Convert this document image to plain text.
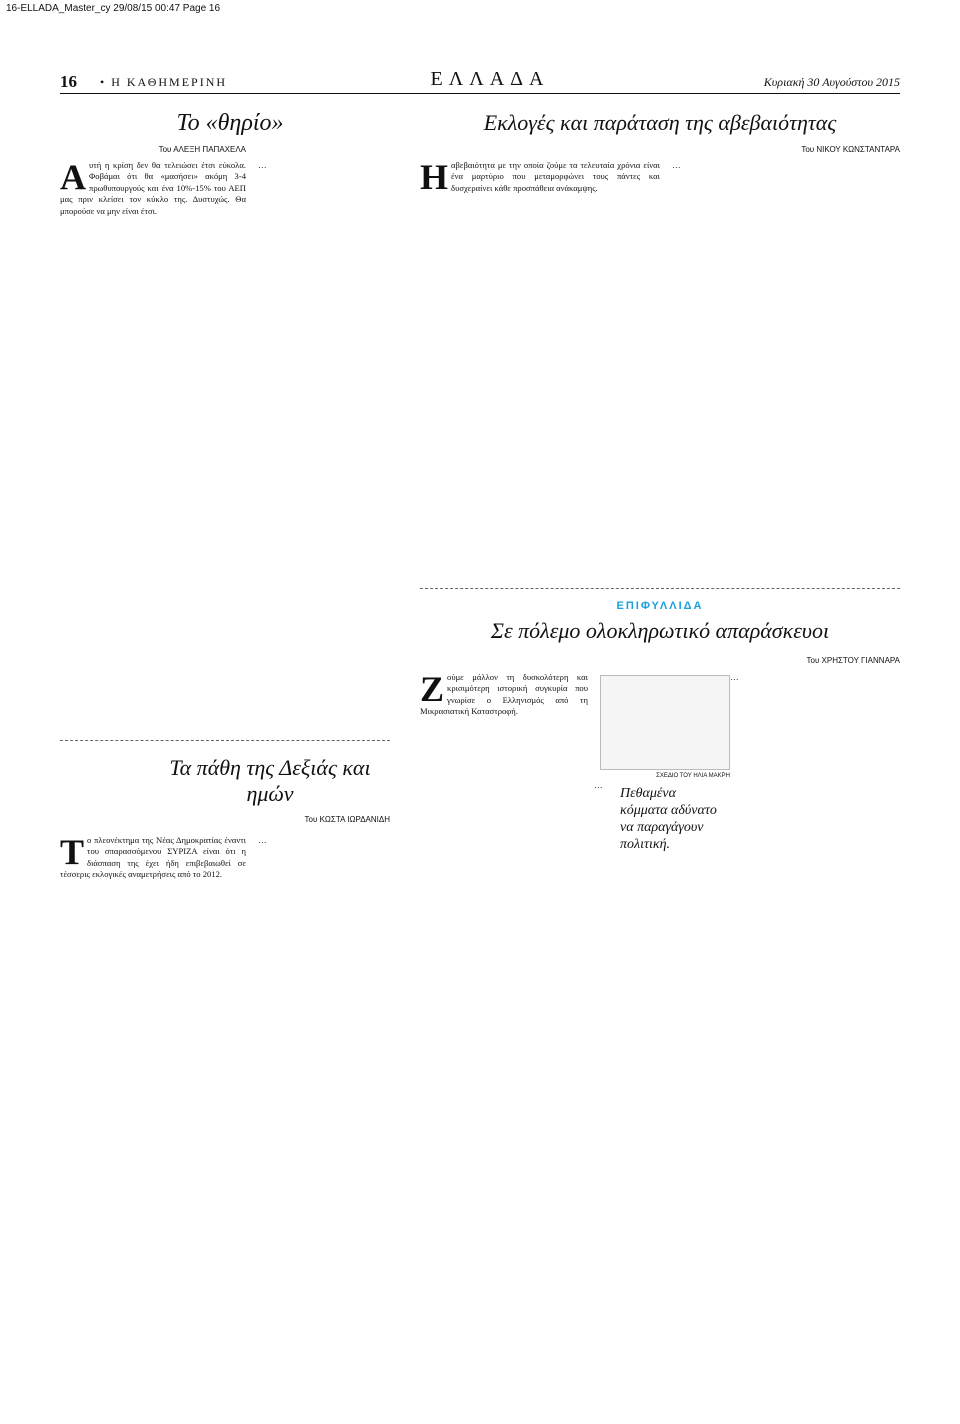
16-ELLADA_Master_cy 29/08/15 00:47 Page 16
16 • Η ΚΑΘΗΜΕΡΙΝΗ	ΕΛΛΑΔΑ	Κυριακή 30 Αυγούστου 2015
Το «θηρίο»
Του ΑΛΕΞΗ ΠΑΠΑΧΕΛΑ
Αυτή η κρίση δεν θα τελειώσει έτσι εύκολα. Φοβάμαι ότι θα «μασήσει» ακόμη 3-4 πρωθυπουργούς και ένα 10%-15% του ΑΕΠ μας πριν κλείσει τον κύκλο της. Δυστυχώς. Θα μπορούσε να μην είναι έτσι.
…
Τα πάθη της Δεξιάς και ημών
Του ΚΩΣΤΑ ΙΩΡΔΑΝΙΔΗ
Το πλεονέκτημα της Νέας Δημοκρατίας έναντι του σπαρασσόμενου ΣΥΡΙΖΑ είναι ότι η διάσπαση της έχει ήδη επιβεβαιωθεί σε τέσσερις εκλογικές αναμετρήσεις από το 2012.
…
Εκλογές και παράταση της αβεβαιότητας
Του ΝΙΚΟΥ ΚΩΝΣΤΑΝΤΑΡΑ
Ηαβεβαιότητα με την οποία ζούμε τα τελευταία χρόνια είναι ένα μαρτύριο που μεταμορφώνει τους πάντες και δυσχεραίνει κάθε προσπάθεια ανάκαμψης.
…
ΕΠΙΦΥΛΛΙΔΑ
Σε πόλεμο ολοκληρωτικό απαράσκευοι
Του ΧΡΗΣΤΟΥ ΓΙΑΝΝΑΡΑ
Ζούμε μάλλον τη δυσκολότερη και κρισιμότερη ιστορική συγκυρία που γνωρίσε ο Ελληνισμός από τη Μικρασιατική Καταστροφή.
…
…
ΣΧΕΔΙΟ ΤΟΥ ΗΛΙΑ ΜΑΚΡΗ
Πεθαμένα κόμματα αδύνατο να παραγάγουν πολιτική.
